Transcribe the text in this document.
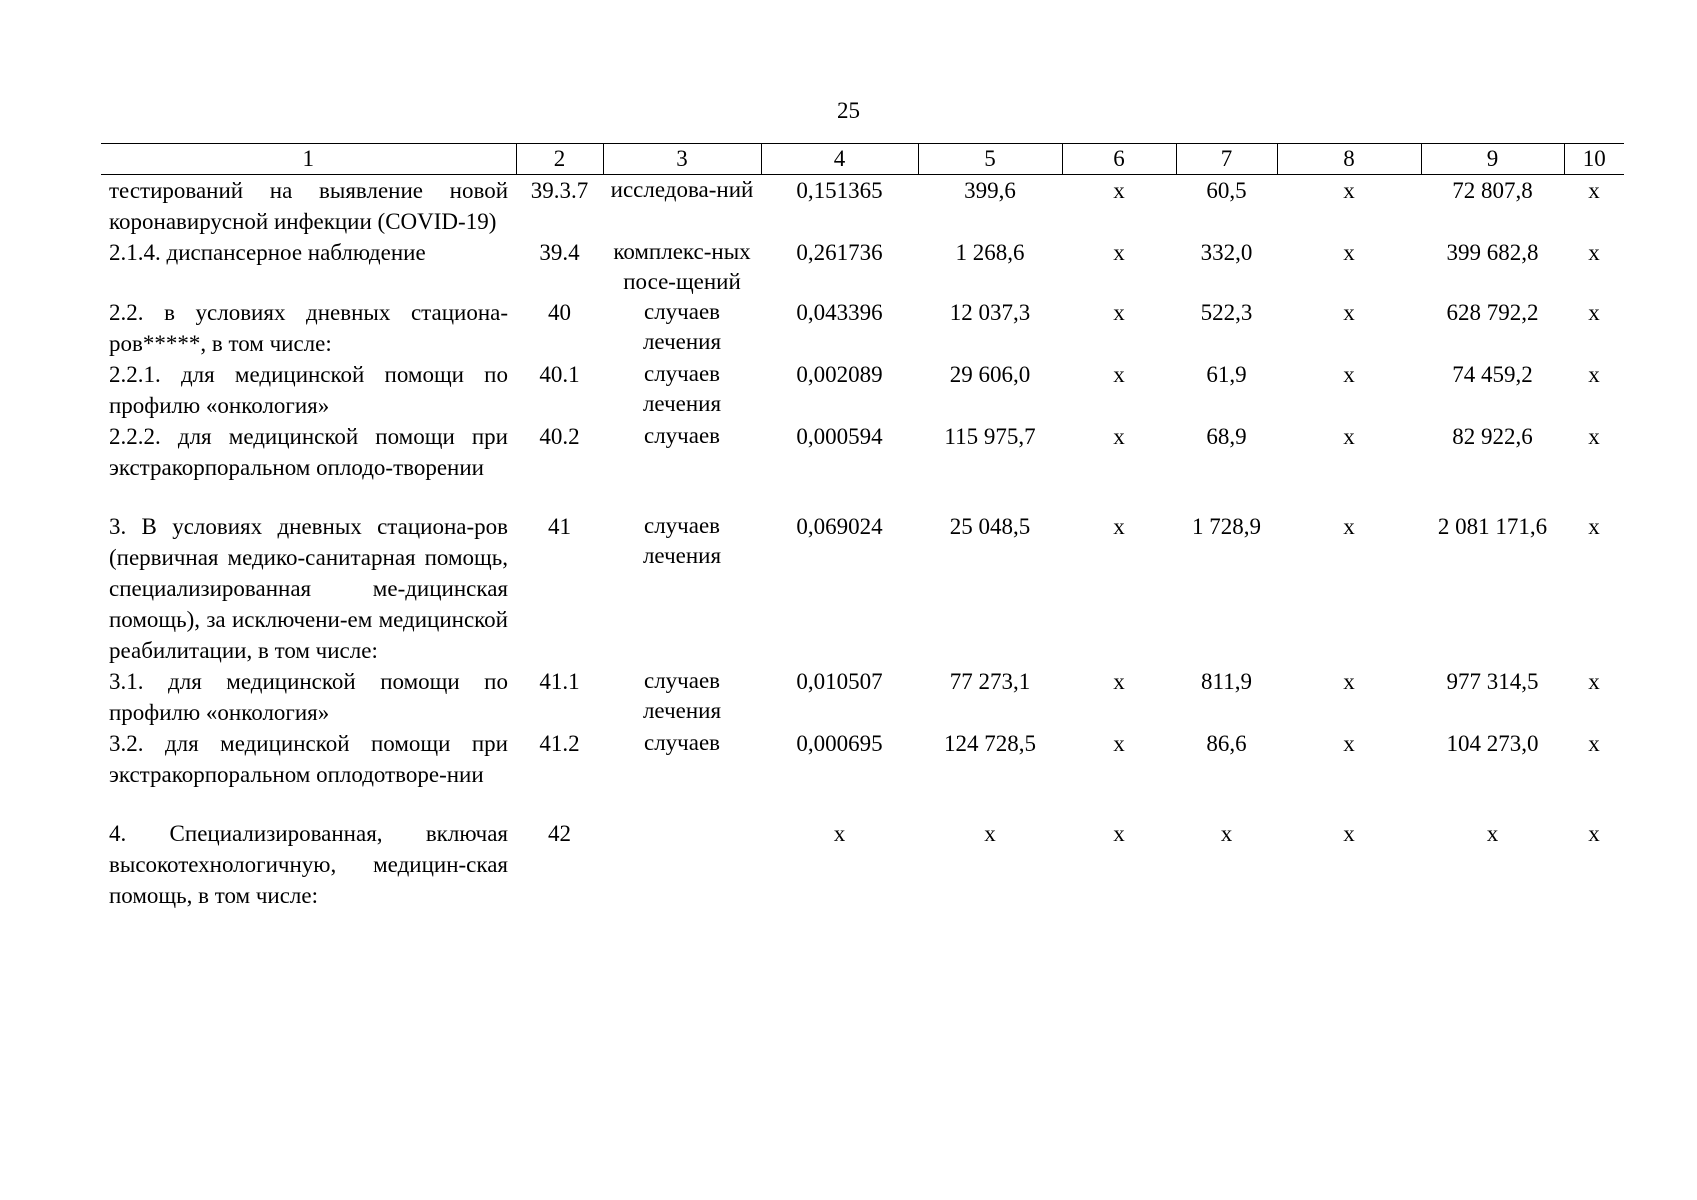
25
1	2	3	4	5	6	7	8	9	10
тестирований на выявление новой коронавирусной инфекции (COVID-19)	39.3.7	исследова-ний	0,151365	399,6	х	60,5	х	72 807,8	х
2.1.4. диспансерное наблюдение	39.4	комплекс-ных посе-щений	0,261736	1 268,6	х	332,0	х	399 682,8	х
2.2. в условиях дневных стациона-ров*****, в том числе:	40	случаев лечения	0,043396	12 037,3	х	522,3	х	628 792,2	х
2.2.1. для медицинской помощи по профилю «онкология»	40.1	случаев лечения	0,002089	29 606,0	х	61,9	х	74 459,2	х
2.2.2. для медицинской помощи при экстракорпоральном оплодо-творении	40.2	случаев	0,000594	115 975,7	х	68,9	х	82 922,6	х

3. В условиях дневных стациона-ров (первичная медико-санитарная помощь, специализированная ме-дицинская помощь), за исключени-ем медицинской реабилитации, в том числе:	41	случаев лечения	0,069024	25 048,5	х	1 728,9	х	2 081 171,6	х
3.1. для медицинской помощи по профилю «онкология»	41.1	случаев лечения	0,010507	77 273,1	х	811,9	х	977 314,5	х
3.2. для медицинской помощи при экстракорпоральном оплодотворе-нии	41.2	случаев	0,000695	124 728,5	х	86,6	х	104 273,0	х

4. Специализированная, включая высокотехнологичную, медицин-ская помощь, в том числе:	42		х	х	х	х	х	х	х
